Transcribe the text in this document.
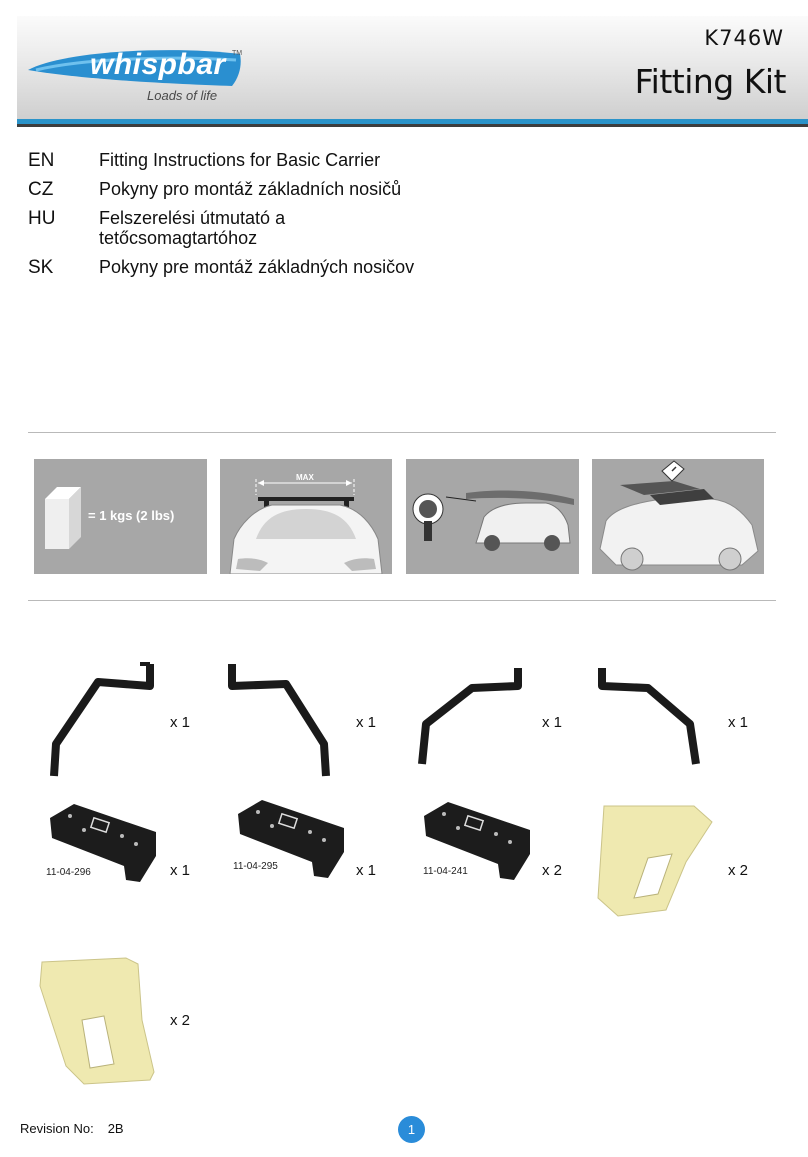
whispbar TM
Loads of life
K746W
Fitting Kit
EN Fitting Instructions for Basic Carrier
CZ	Pokyny pro montáž základních nosičů
HU Felszerelési útmutató a tetőcsomagtartóhoz
SK	Pokyny pre montáž základných nosičov
= 1 kgs (2 lbs)
MAX
x 1	x 1	x 1	x 1
11-04-296	x 1	11-04-295	x 1	11-04-241	x 2	x 2
x 2
Revision No: 2B	1
